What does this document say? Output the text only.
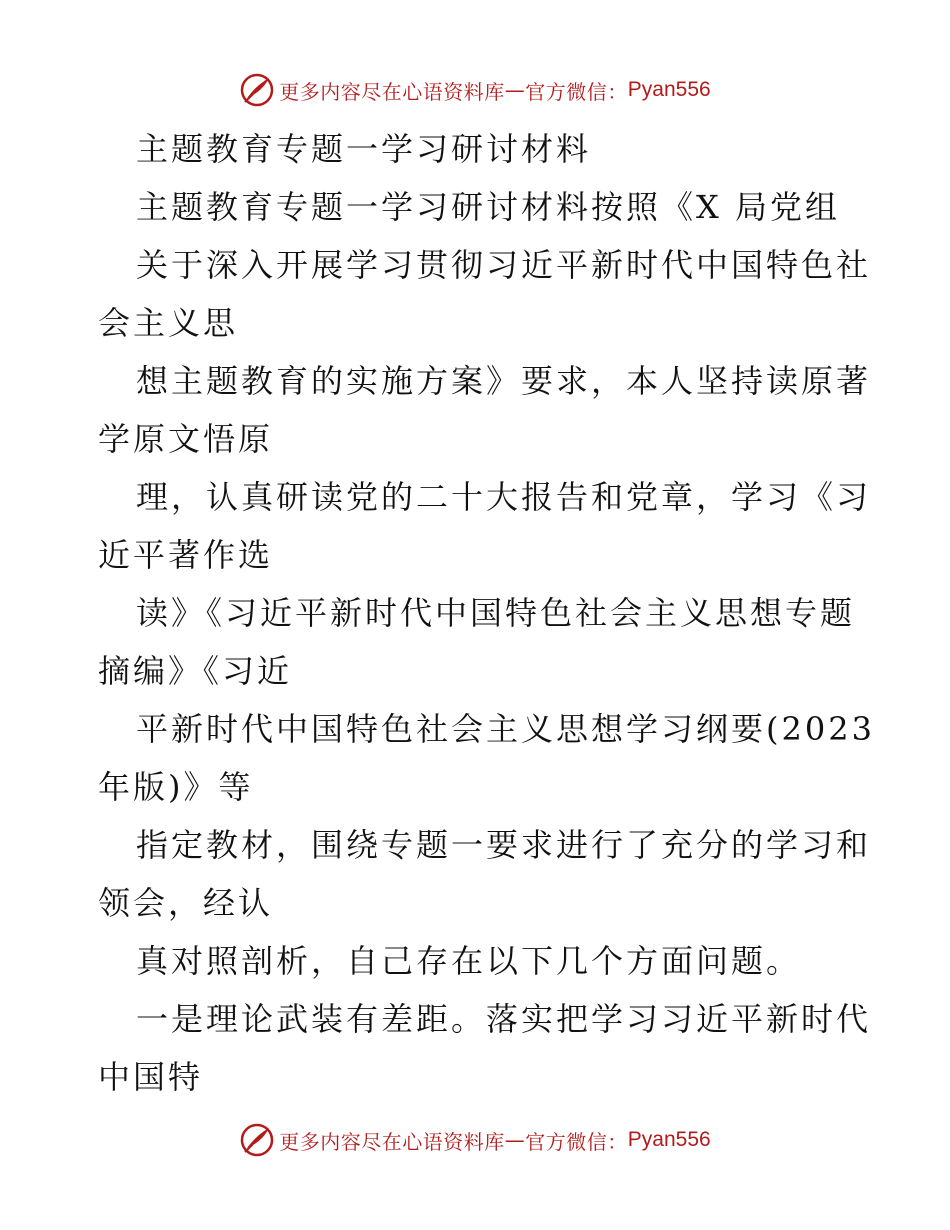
更多内容尽在心语资料库 — 官方微信： Pyan556
主题教育专题一学习研讨材料
主题教育专题一学习研讨材料按照《X 局党组
关于深入开展学习贯彻习近平新时代中国特色社
会主义思
想主题教育的实施方案》要求，本人坚持读原著
学原文悟原
理，认真研读党的二十大报告和党章，学习《习
近平著作选
读》《习近平新时代中国特色社会主义思想专题
摘编》《习近
平新时代中国特色社会主义思想学习纲要(2023
年版)》等
指定教材，围绕专题一要求进行了充分的学习和
领会，经认
真对照剖析，自己存在以下几个方面问题。
一是理论武装有差距。落实把学习习近平新时代
中国特
更多内容尽在心语资料库 — 官方微信： Pyan556
